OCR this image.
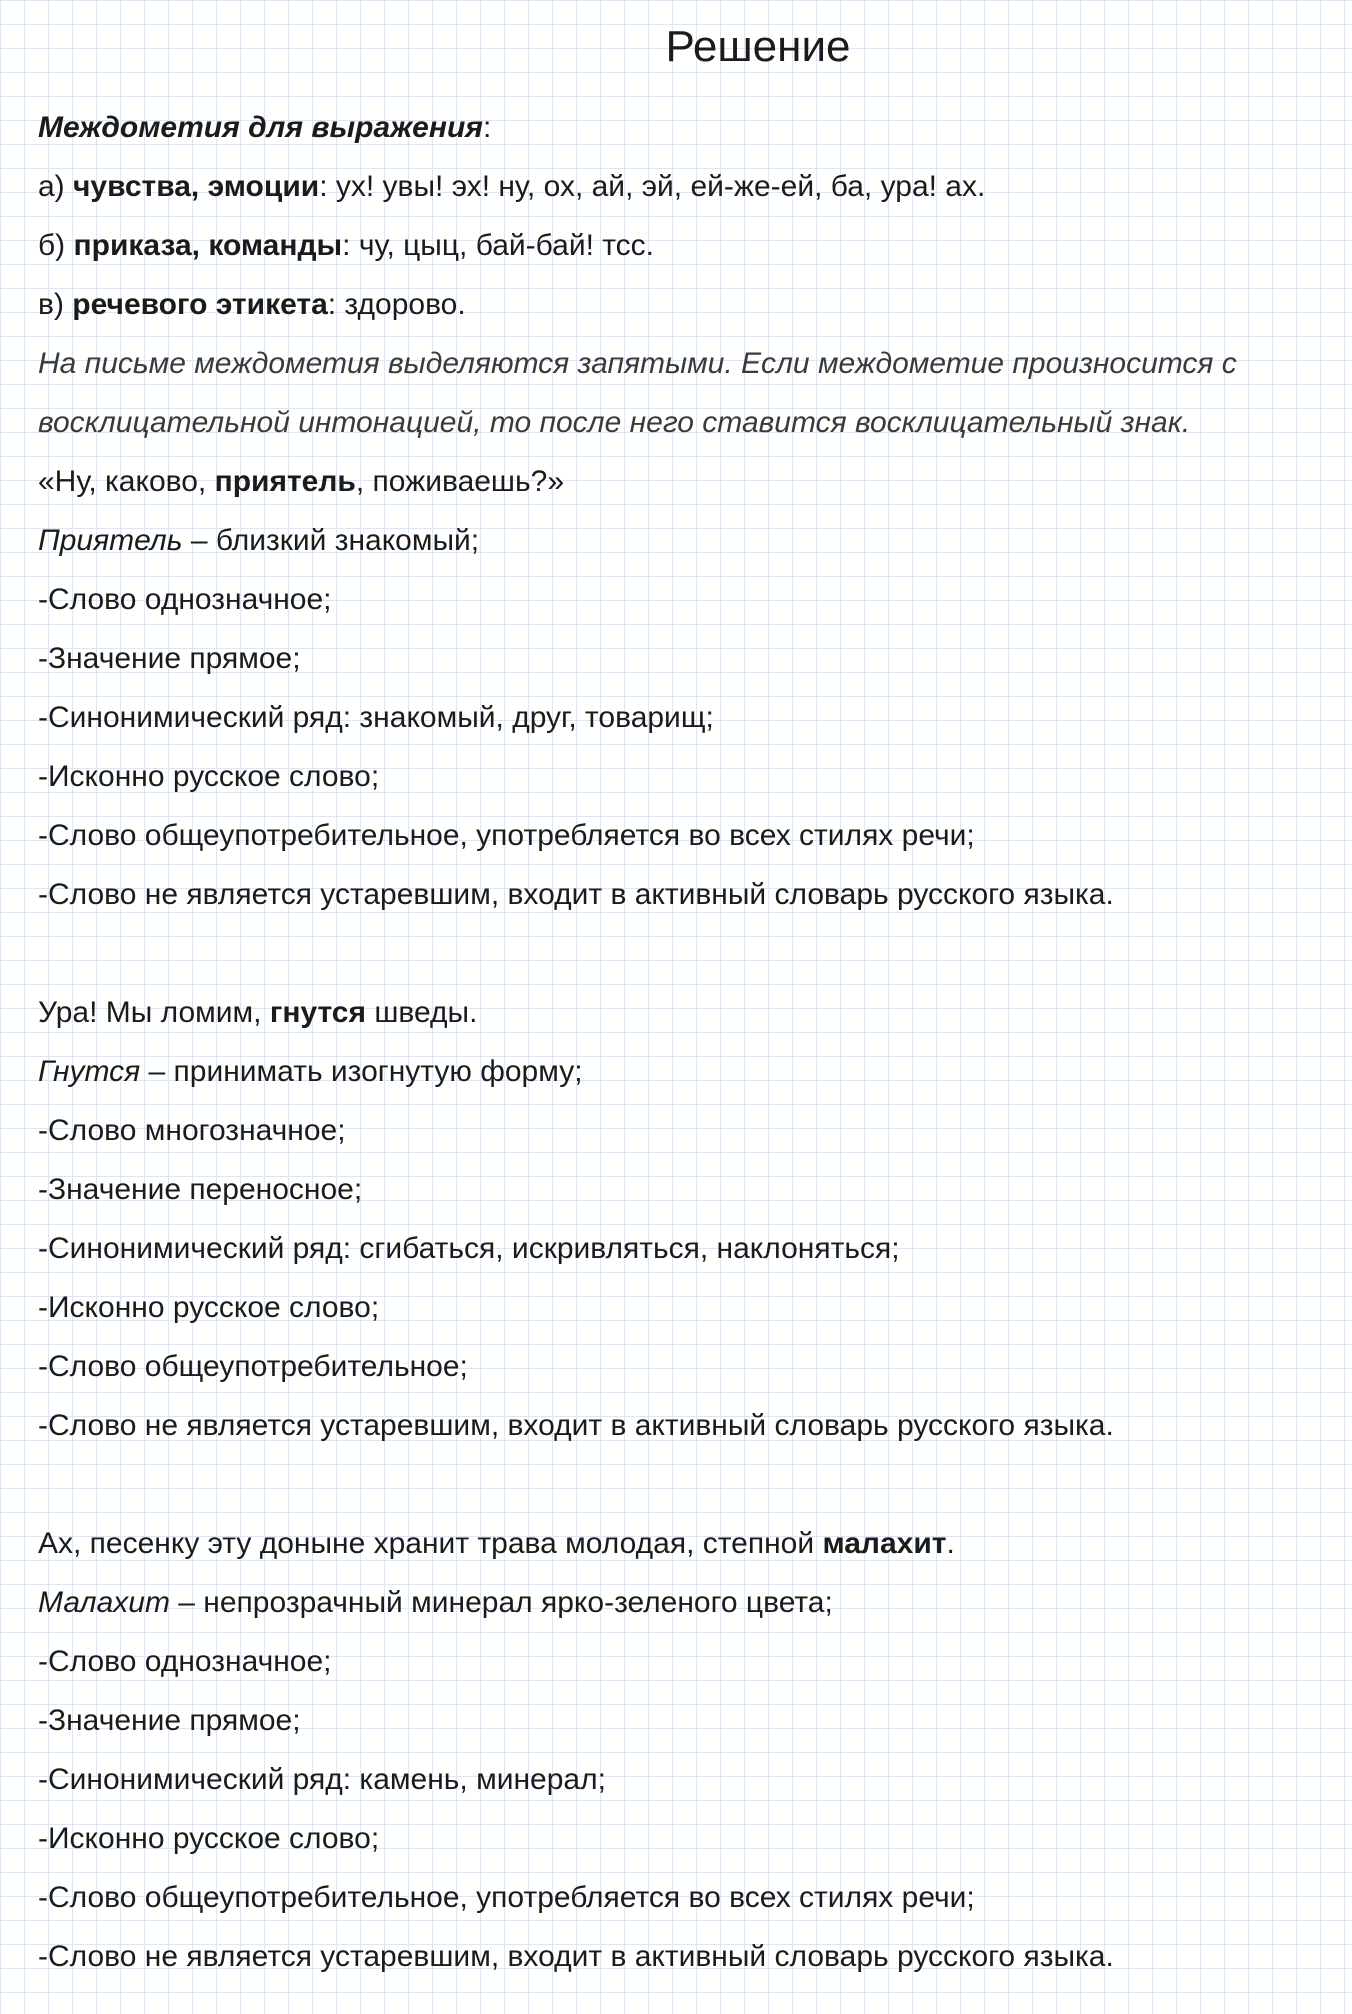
Решение
Междометия для выражения:
а) чувства, эмоции: ух! увы! эх! ну, ох, ай, эй, ей-же-ей, ба, ура! ах.
б) приказа, команды: чу, цыц, бай-бай! тсс.
в) речевого этикета: здорово.
На письме междометия выделяются запятыми. Если междометие произносится с
восклицательной интонацией, то после него ставится восклицательный знак.
«Ну, каково, приятель, поживаешь?»
Приятель – близкий знакомый;
-Слово однозначное;
-Значение прямое;
-Синонимический ряд: знакомый, друг, товарищ;
-Исконно русское слово;
-Слово общеупотребительное, употребляется во всех стилях речи;
-Слово не является устаревшим, входит в активный словарь русского языка.
Ура! Мы ломим, гнутся шведы.
Гнутся – принимать изогнутую форму;
-Слово многозначное;
-Значение переносное;
-Синонимический ряд: сгибаться, искривляться, наклоняться;
-Исконно русское слово;
-Слово общеупотребительное;
-Слово не является устаревшим, входит в активный словарь русского языка.
Ах, песенку эту доныне хранит трава молодая, степной малахит.
Малахит – непрозрачный минерал ярко-зеленого цвета;
-Слово однозначное;
-Значение прямое;
-Синонимический ряд: камень, минерал;
-Исконно русское слово;
-Слово общеупотребительное, употребляется во всех стилях речи;
-Слово не является устаревшим, входит в активный словарь русского языка.
